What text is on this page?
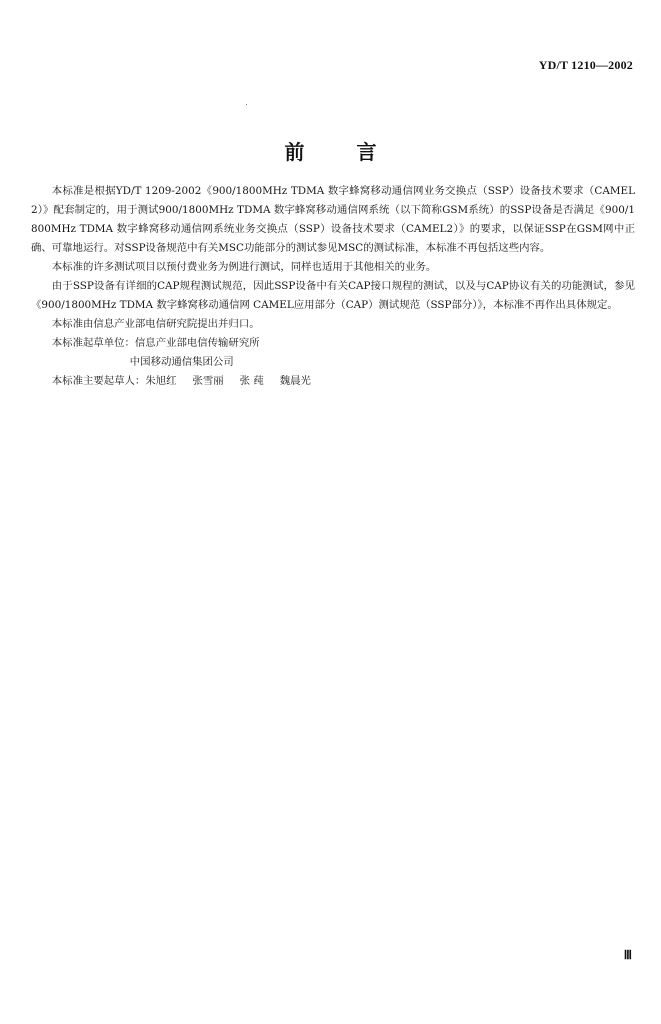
YD/T 1210—2002
前	言

本标准是根据YD/T 1209-2002《900/1800MHz TDMA 数字蜂窝移动通信网业务交换点（SSP）设备技术要求（CAMEL2）》配套制定的，用于测试900/1800MHz TDMA 数字蜂窝移动通信网系统（以下简称GSM系统）的SSP设备是否满足《900/1800MHz TDMA 数字蜂窝移动通信网系统业务交换点（SSP）设备技术要求（CAMEL2）》的要求，以保证SSP在GSM网中正确、可靠地运行。对SSP设备规范中有关MSC功能部分的测试参见MSC的测试标准，本标准不再包括这些内容。

本标准的许多测试项目以预付费业务为例进行测试，同样也适用于其他相关的业务。

由于SSP设备有详细的CAP规程测试规范，因此SSP设备中有关CAP接口规程的测试，以及与CAP协议有关的功能测试，参见《900/1800MHz TDMA 数字蜂窝移动通信网 CAMEL应用部分（CAP）测试规范（SSP部分）》，本标准不再作出具体规定。

本标准由信息产业部电信研究院提出并归口。

本标准起草单位： 信息产业部电信传输研究所
中国移动通信集团公司
本标准主要起草人： 朱旭红 张雪丽 张 莼 魏晨光
Ⅲ
